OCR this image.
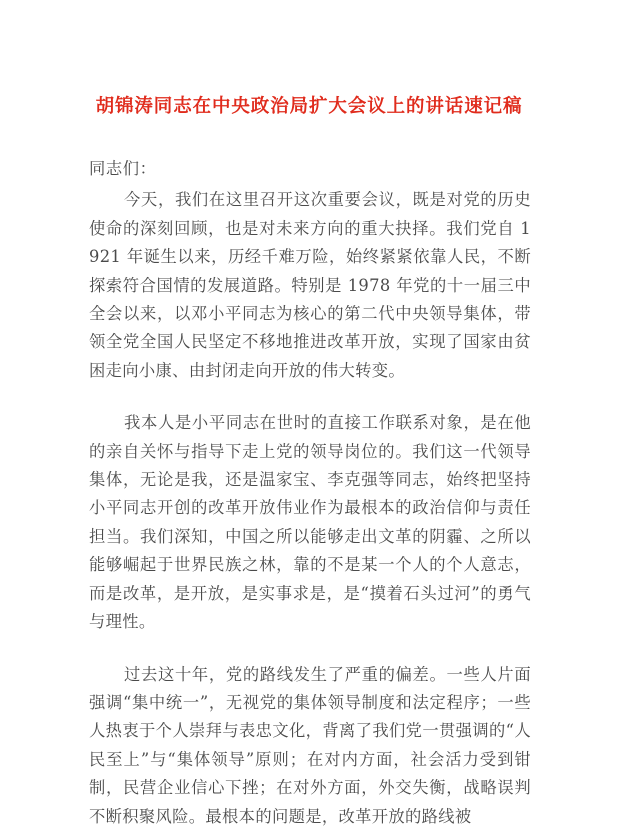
胡锦涛同志在中央政治局扩大会议上的讲话速记稿

同志们：

今天，我们在这里召开这次重要会议，既是对党的历史使命的深刻回顾，也是对未来方向的重大抉择。我们党自 1921 年诞生以来，历经千难万险，始终紧紧依靠人民，不断探索符合国情的发展道路。特别是 1978 年党的十一届三中全会以来，以邓小平同志为核心的第二代中央领导集体，带领全党全国人民坚定不移地推进改革开放，实现了国家由贫困走向小康、由封闭走向开放的伟大转变。

我本人是小平同志在世时的直接工作联系对象，是在他的亲自关怀与指导下走上党的领导岗位的。我们这一代领导集体，无论是我，还是温家宝、李克强等同志，始终把坚持小平同志开创的改革开放伟业作为最根本的政治信仰与责任担当。我们深知，中国之所以能够走出文革的阴霾、之所以能够崛起于世界民族之林，靠的不是某一个人的个人意志，而是改革，是开放，是实事求是，是“摸着石头过河”的勇气与理性。

过去这十年，党的路线发生了严重的偏差。一些人片面强调“集中统一”，无视党的集体领导制度和法定程序；一些人热衷于个人崇拜与表忠文化，背离了我们党一贯强调的“人民至上”与“集体领导”原则；在对内方面，社会活力受到钳制，民营企业信心下挫；在对外方面，外交失衡，战略误判不断积聚风险。最根本的问题是，改革开放的路线被
